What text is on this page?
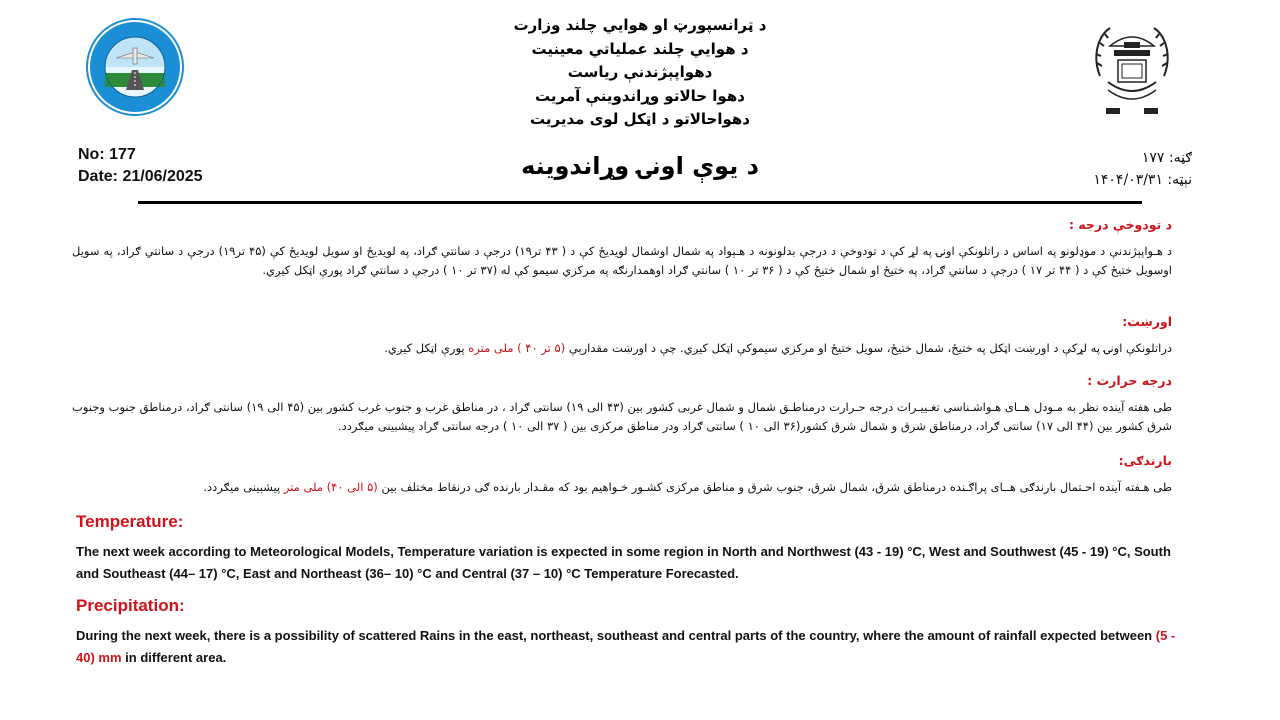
د ټرانسپورټ او هوايي چلند وزارت
د هوايي چلند عملياتي معينيت
دهواپېژندنې رياست
دهوا حالاتو وړاندوينې آمريت
دهواحالاتو د اټکل لوی مديريت
No: 177
Date: 21/06/2025	د يوې اونۍ وړاندوينه	ګڼه: ۱۷۷
نېټه: ۱۴۰۴/۰۳/۳۱
د تودوخې درجه :
د هـواپېژندنې د موډلونو په اساس د راتلونکې اونۍ په لړ کې د تودوخې د درجې بدلونونه د هـېواد په شمال اوشمال لويديځ کې د ( ۴۳ تر۱۹) درجې د سانتي ګراد، په لويديځ او سويل لويديځ کې (۴۵ تر۱۹) درجې د سانتي ګراد، په سويل اوسويل ختيځ کې د ( ۴۴ تر ۱۷ ) درجې د سانتي ګراد، په ختيځ او شمال ختيځ کې د ( ۳۶ تر ۱۰ ) سانتي ګراد اوهمدارنګه په مرکزي سيمو کې له (۳۷ تر ۱۰ ) درجې د سانتي ګراد پورې اټکل کيږي.
اورښت:
دراتلونکې اونۍ په لړکې د اورښت اټکل په ختيځ، شمال ختيځ، سويل ختيځ او مرکزي سيموکې اټکل کيږي. چې د اورښت مقدارېې (۵ تر ۴۰ ) ملی متره پورې اټکل کيږي.
درجه حرارت :
طی هفته آینده نظر به مـودل هــای هـواشـناسی تغـییـرات درجه حـرارت درمناطـق شمال و شمال غربی کشور بين (۴۳ الی ۱۹) سانتی ګراد ، در مناطق غرب و جنوب غرب کشور بين (۴۵ الی ۱۹) سانتی ګراد، درمناطق جنوب وجنوب شرق کشور بين (۴۴ الی ۱۷) سانتی ګراد، درمناطق شرق و شمال شرق کشور(۳۶ الی ۱۰ ) سانتی ګراد ودر مناطق مرکزی بين ( ۳۷ الی ۱۰ ) درجه سانتی ګراد پيشبينی ميګردد.
بارندګی:
طی هـفته آينده احـتمال بارندګی هــای پراګـنده درمناطق شرق، شمال شرق، جنوب شرق و مناطق مرکزی کشـور خـواهيم بود که مقـدار بارنده ګی درنقاط مختلف بين (۵ الی ۴۰) ملی متر پيشبينی ميګردد.
Temperature:
The next week according to Meteorological Models, Temperature variation is expected in some region in North and Northwest (43 - 19) °C, West and Southwest (45 - 19) °C, South and Southeast (44– 17) °C, East and Northeast (36– 10) °C and Central (37 – 10) °C Temperature Forecasted.
Precipitation:
During the next week, there is a possibility of scattered Rains in the east, northeast, southeast and central parts of the country, where the amount of rainfall expected between (5 - 40) mm in different area.
